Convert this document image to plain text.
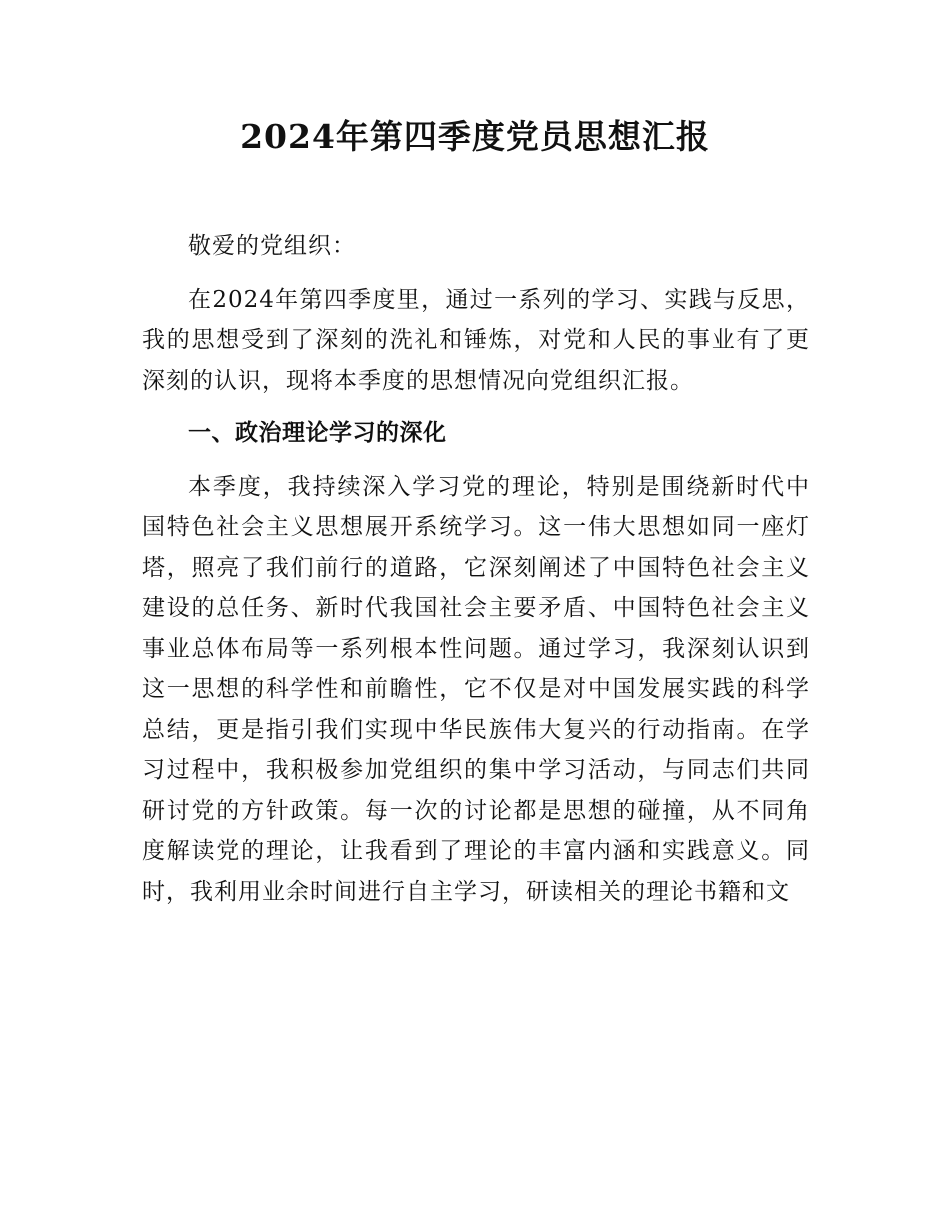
2024年第四季度党员思想汇报

敬爱的党组织：

在2024年第四季度里，通过一系列的学习、实践与反思，我的思想受到了深刻的洗礼和锤炼，对党和人民的事业有了更深刻的认识，现将本季度的思想情况向党组织汇报。

一、政治理论学习的深化

本季度，我持续深入学习党的理论，特别是围绕新时代中国特色社会主义思想展开系统学习。这一伟大思想如同一座灯塔，照亮了我们前行的道路，它深刻阐述了中国特色社会主义建设的总任务、新时代我国社会主要矛盾、中国特色社会主义事业总体布局等一系列根本性问题。通过学习，我深刻认识到这一思想的科学性和前瞻性，它不仅是对中国发展实践的科学总结，更是指引我们实现中华民族伟大复兴的行动指南。在学习过程中，我积极参加党组织的集中学习活动，与同志们共同研讨党的方针政策。每一次的讨论都是思想的碰撞，从不同角度解读党的理论，让我看到了理论的丰富内涵和实践意义。同时，我利用业余时间进行自主学习，研读相关的理论书籍和文
